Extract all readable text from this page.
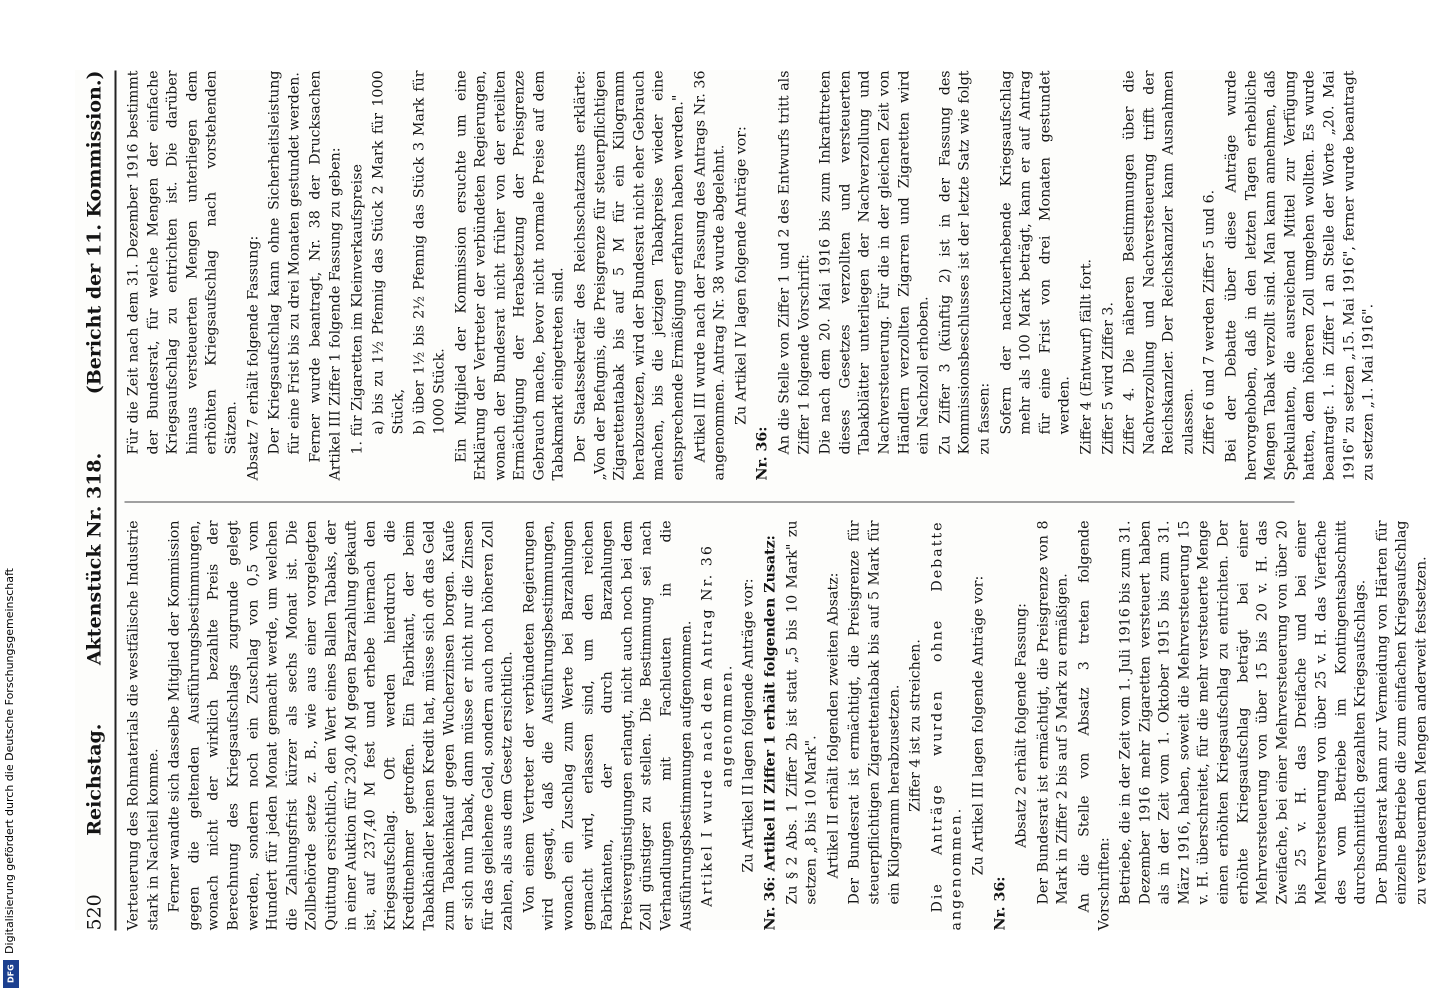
520
Reichstag.
Aktenstück Nr. 318.
(Bericht der 11. Kommission.)

Verteuerung des Rohmaterials die westfälische Industrie stark in Nachteil komme. Ferner wandte sich dasselbe Mitglied der Kommission gegen die geltenden Ausführungsbestimmungen, wonach nicht der wirklich bezahlte Preis der Berechnung des Kriegsaufschlags zugrunde gelegt werden, sondern noch ein Zuschlag von 0,5 vom Hundert für jeden Monat gemacht werde, um welchen die Zahlungsfrist kürzer als sechs Monat ist. Die Zollbehörde setze z. B., wie aus einer vorgelegten Quittung ersichtlich, den Wert eines Ballen Tabaks, der in einer Auktion für 230,40 M gegen Barzahlung gekauft ist, auf 237,40 M fest und erhebe hiernach den Kriegsaufschlag. Oft werden hierdurch die Kreditnehmer getroffen. Ein Fabrikant, der beim Tabakhändler keinen Kredit hat, müsse sich oft das Geld zum Tabakeinkauf gegen Wucherzinsen borgen. Kaufe er sich nun Tabak, dann müsse er nicht nur die Zinsen für das geliehene Geld, sondern auch noch höheren Zoll zahlen, als aus dem Gesetz ersichtlich. Von einem Vertreter der verbündeten Regierungen wird gesagt, daß die Ausführungsbestimmungen, wonach ein Zuschlag zum Werte bei Barzahlungen gemacht wird, erlassen sind, um den reichen Fabrikanten, der durch Barzahlungen Preisvergünstigungen erlangt, nicht auch noch bei dem Zoll günstiger zu stellen. Die Bestimmung sei nach Verhandlungen mit Fachleuten in die Ausführungsbestimmungen aufgenommen. Artikel I wurde nach dem Antrag Nr. 36 angenommen. Zu Artikel II lagen folgende Anträge vor: Nr. 36: Artikel II Ziffer 1 erhält folgenden Zusatz: Zu § 2 Abs. 1 Ziffer 2b ist statt „5 bis 10 Mark" zu setzen „8 bis 10 Mark". Artikel II erhält folgenden zweiten Absatz: Der Bundesrat ist ermächtigt, die Preisgrenze für steuerpflichtigen Zigarettentabak bis auf 5 Mark für ein Kilogramm herabzusetzen. Ziffer 4 ist zu streichen. Die Anträge wurden ohne Debatte angenommen. Zu Artikel III lagen folgende Anträge vor:

Nr. 36:

Absatz 2 erhält folgende Fassung: Der Bundesrat ist ermächtigt, die Preisgrenze von 8 Mark in Ziffer 2 bis auf 5 Mark zu ermäßigen. An die Stelle von Absatz 3 treten folgende Vorschriften: Betriebe, die in der Zeit vom 1. Juli 1916 bis zum 31. Dezember 1916 mehr Zigaretten versteuert haben als in der Zeit vom 1. Oktober 1915 bis zum 31. März 1916, haben, soweit die Mehrversteuerung 15 v. H. überschreitet, für die mehr versteuerte Menge einen erhöhten Kriegsaufschlag zu entrichten. Der erhöhte Kriegsaufschlag beträgt bei einer Mehrversteuerung von über 15 bis 20 v. H. das Zweifache, bei einer Mehrversteuerung von über 20 bis 25 v. H. das Dreifache und bei einer Mehrversteuerung von über 25 v. H. das Vierfache des vom Betriebe im Kontingentsabschnitt durchschnittlich gezahlten Kriegsaufschlags. Der Bundesrat kann zur Vermeidung von Härten für einzelne Betriebe die zum einfachen Kriegsaufschlag zu versteuernden Mengen anderweit festsetzen.

Für die Zeit nach dem 31. Dezember 1916 bestimmt der Bundesrat, für welche Mengen der einfache Kriegsaufschlag zu entrichten ist. Die darüber hinaus versteuerten Mengen unterliegen dem erhöhten Kriegsaufschlag nach vorstehenden Sätzen. Absatz 7 erhält folgende Fassung: Der Kriegsaufschlag kann ohne Sicherheitsleistung für eine Frist bis zu drei Monaten gestundet werden. Ferner wurde beantragt, Nr. 38 der Drucksachen Artikel III Ziffer 1 folgende Fassung zu geben: 1. für Zigaretten im Kleinverkaufspreise a) bis zu 1½ Pfennig das Stück 2 Mark für 1000 Stück, b) über 1½ bis 2½ Pfennig das Stück 3 Mark für 1000 Stück. Ein Mitglied der Kommission ersuchte um eine Erklärung der Vertreter der verbündeten Regierungen, wonach der Bundesrat nicht früher von der erteilten Ermächtigung der Herabsetzung der Preisgrenze Gebrauch mache, bevor nicht normale Preise auf dem Tabakmarkt eingetreten sind. Der Staatssekretär des Reichsschatzamts erklärte: „Von der Befugnis, die Preisgrenze für steuerpflichtigen Zigarettentabak bis auf 5 M für ein Kilogramm herabzusetzen, wird der Bundesrat nicht eher Gebrauch machen, bis die jetzigen Tabakpreise wieder eine entsprechende Ermäßigung erfahren haben werden." Artikel III wurde nach der Fassung des Antrags Nr. 36 angenommen. Antrag Nr. 38 wurde abgelehnt. Zu Artikel IV lagen folgende Anträge vor:

Nr. 36: An die Stelle von Ziffer 1 und 2 des Entwurfs tritt als Ziffer 1 folgende Vorschrift: Die nach dem 20. Mai 1916 bis zum Inkrafttreten dieses Gesetzes verzollten und versteuerten Tabakblätter unterliegen der Nachverzollung und Nachversteuerung. Für die in der gleichen Zeit von Händlern verzollten Zigarren und Zigaretten wird ein Nachzoll erhoben. Zu Ziffer 3 (künftig 2) ist in der Fassung des Kommissionsbeschlusses ist der letzte Satz wie folgt zu fassen: Sofern der nachzuerhebende Kriegsaufschlag mehr als 100 Mark beträgt, kann er auf Antrag für eine Frist von drei Monaten gestundet werden. Ziffer 4 (Entwurf) fällt fort. Ziffer 5 wird Ziffer 3. Ziffer 4. Die näheren Bestimmungen über die Nachverzollung und Nachversteuerung trifft der Reichskanzler. Der Reichskanzler kann Ausnahmen zulassen. Ziffer 6 und 7 werden Ziffer 5 und 6. Bei der Debatte über diese Anträge wurde hervorgehoben, daß in den letzten Tagen erhebliche Mengen Tabak verzollt sind. Man kann annehmen, daß Spekulanten, die ausreichend Mittel zur Verfügung hatten, dem höheren Zoll umgehen wollten. Es wurde beantragt: 1. in Ziffer 1 an Stelle der Worte „20. Mai 1916" zu setzen „15. Mai 1916", ferner wurde beantragt zu setzen „1. Mai 1916".

Digitalisierung gefördert durch die Deutsche Forschungsgemeinschaft
DFG
